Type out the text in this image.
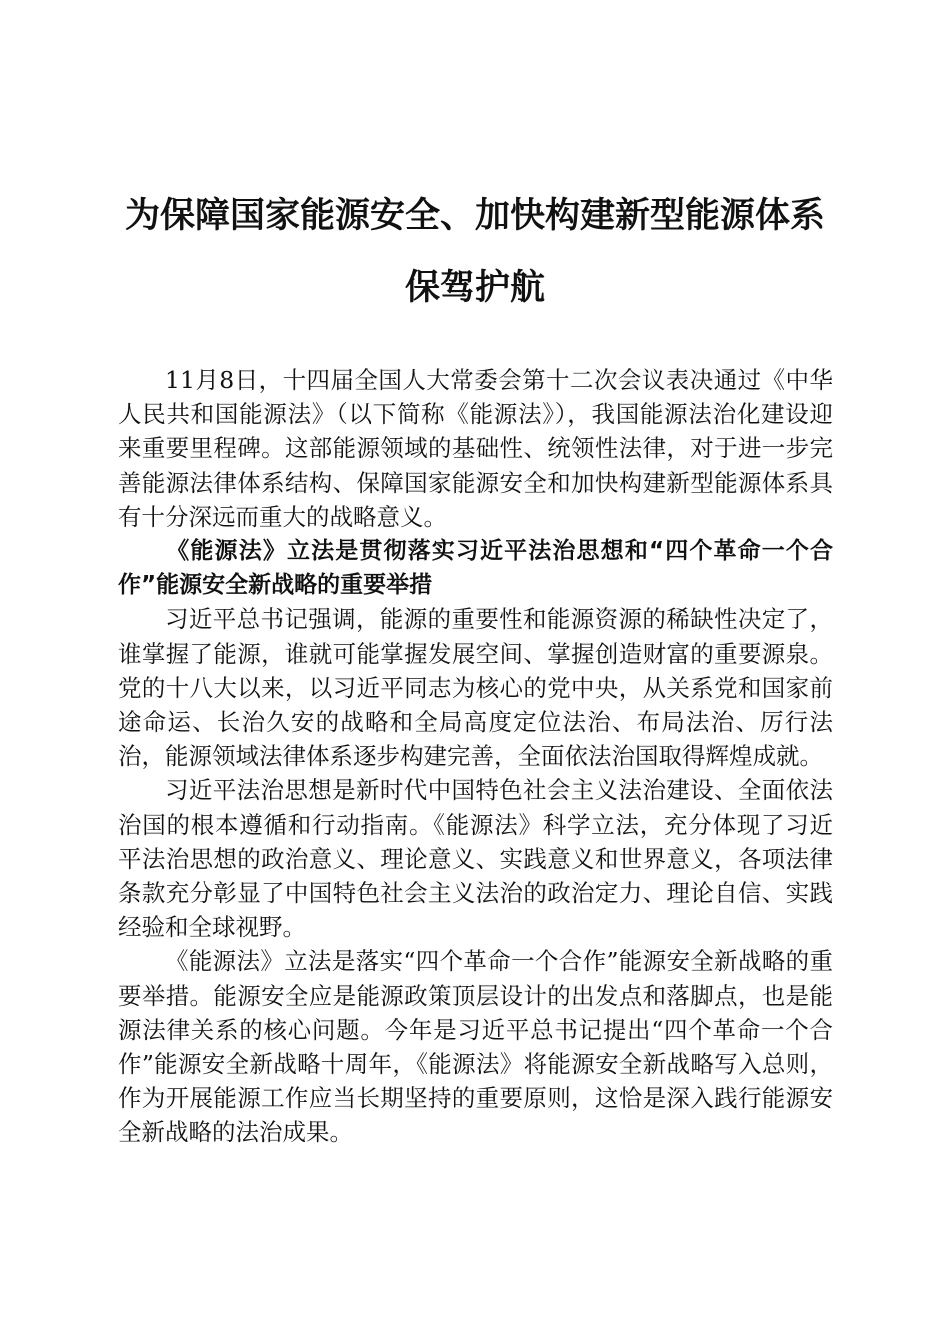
为保障国家能源安全、加快构建新型能源体系
保驾护航

11月8日，十四届全国人大常委会第十二次会议表决通过《中华人民共和国能源法》（以下简称《能源法》），我国能源法治化建设迎来重要里程碑。这部能源领域的基础性、统领性法律，对于进一步完善能源法律体系结构、保障国家能源安全和加快构建新型能源体系具有十分深远而重大的战略意义。

《能源法》立法是贯彻落实习近平法治思想和“四个革命一个合作”能源安全新战略的重要举措

习近平总书记强调，能源的重要性和能源资源的稀缺性决定了，谁掌握了能源，谁就可能掌握发展空间、掌握创造财富的重要源泉。党的十八大以来，以习近平同志为核心的党中央，从关系党和国家前途命运、长治久安的战略和全局高度定位法治、布局法治、厉行法治，能源领域法律体系逐步构建完善，全面依法治国取得辉煌成就。

习近平法治思想是新时代中国特色社会主义法治建设、全面依法治国的根本遵循和行动指南。《能源法》科学立法，充分体现了习近平法治思想的政治意义、理论意义、实践意义和世界意义，各项法律条款充分彰显了中国特色社会主义法治的政治定力、理论自信、实践经验和全球视野。

《能源法》立法是落实“四个革命一个合作”能源安全新战略的重要举措。能源安全应是能源政策顶层设计的出发点和落脚点，也是能源法律关系的核心问题。今年是习近平总书记提出“四个革命一个合作”能源安全新战略十周年，《能源法》将能源安全新战略写入总则，作为开展能源工作应当长期坚持的重要原则，这恰是深入践行能源安全新战略的法治成果。
